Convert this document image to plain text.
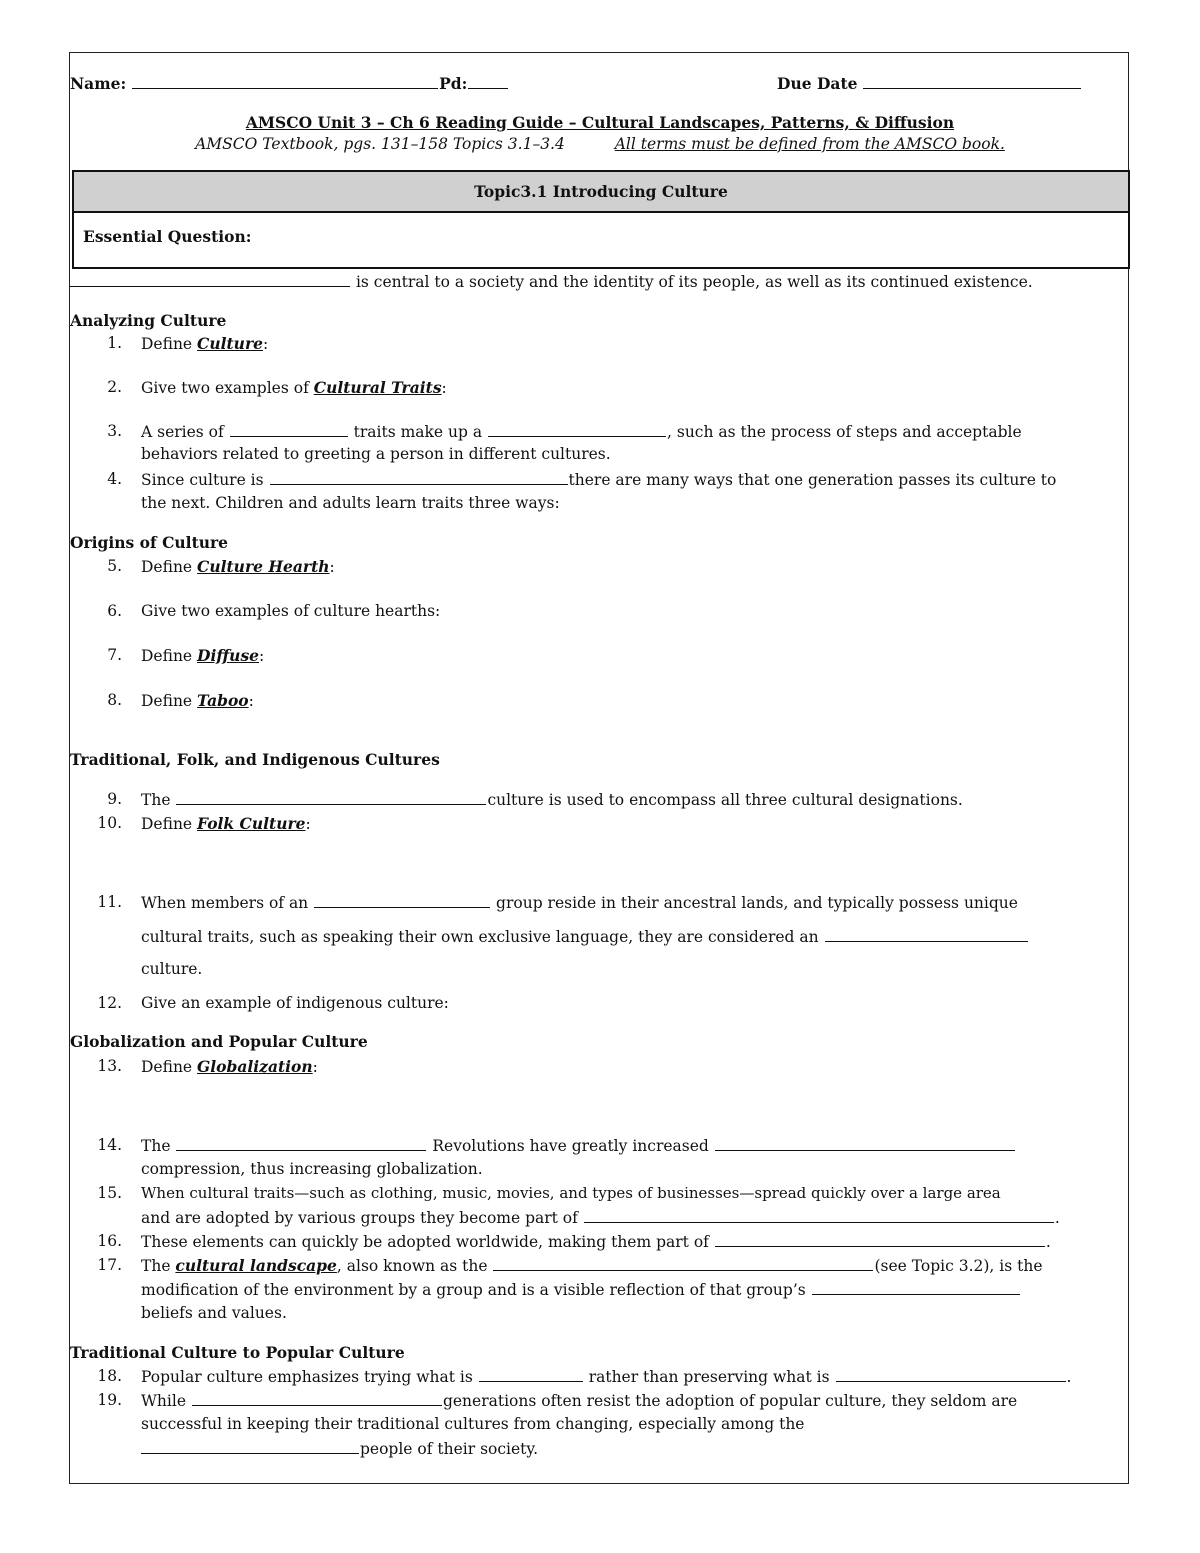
Name:	Pd:	Due Date
AMSCO Unit 3 – Ch 6 Reading Guide – Cultural Landscapes, Patterns, & Diffusion
AMSCO Textbook, pgs. 131–158 Topics 3.1–3.4	All terms must be defined from the AMSCO book.
Topic3.1 Introducing Culture
Essential Question:
is central to a society and the identity of its people, as well as its continued existence.
Analyzing Culture
1. Define Culture:
2. Give two examples of Cultural Traits:
3. A series of	traits make up a	, such as the process of steps and acceptable
behaviors related to greeting a person in different cultures.
4. Since culture is	there are many ways that one generation passes its culture to
the next. Children and adults learn traits three ways:
Origins of Culture
5. Define Culture Hearth:
6. Give two examples of culture hearths:
7. Define Diffuse:
8. Define Taboo:
Traditional, Folk, and Indigenous Cultures
9. The	culture is used to encompass all three cultural designations.
10. Define Folk Culture:
11. When members of an	group reside in their ancestral lands, and typically possess unique
cultural traits, such as speaking their own exclusive language, they are considered an
culture.
12. Give an example of indigenous culture:
Globalization and Popular Culture
13. Define Globalization:
14. The	Revolutions have greatly increased
compression, thus increasing globalization.
15. When cultural traits—such as clothing, music, movies, and types of businesses—spread quickly over a large area
and are adopted by various groups they become part of	.
16. These elements can quickly be adopted worldwide, making them part of	.
17. The cultural landscape, also known as the	(see Topic 3.2), is the
modification of the environment by a group and is a visible reflection of that group’s
beliefs and values.
Traditional Culture to Popular Culture
18. Popular culture emphasizes trying what is	rather than preserving what is	.
19. While	generations often resist the adoption of popular culture, they seldom are
successful in keeping their traditional cultures from changing, especially among the
people of their society.
